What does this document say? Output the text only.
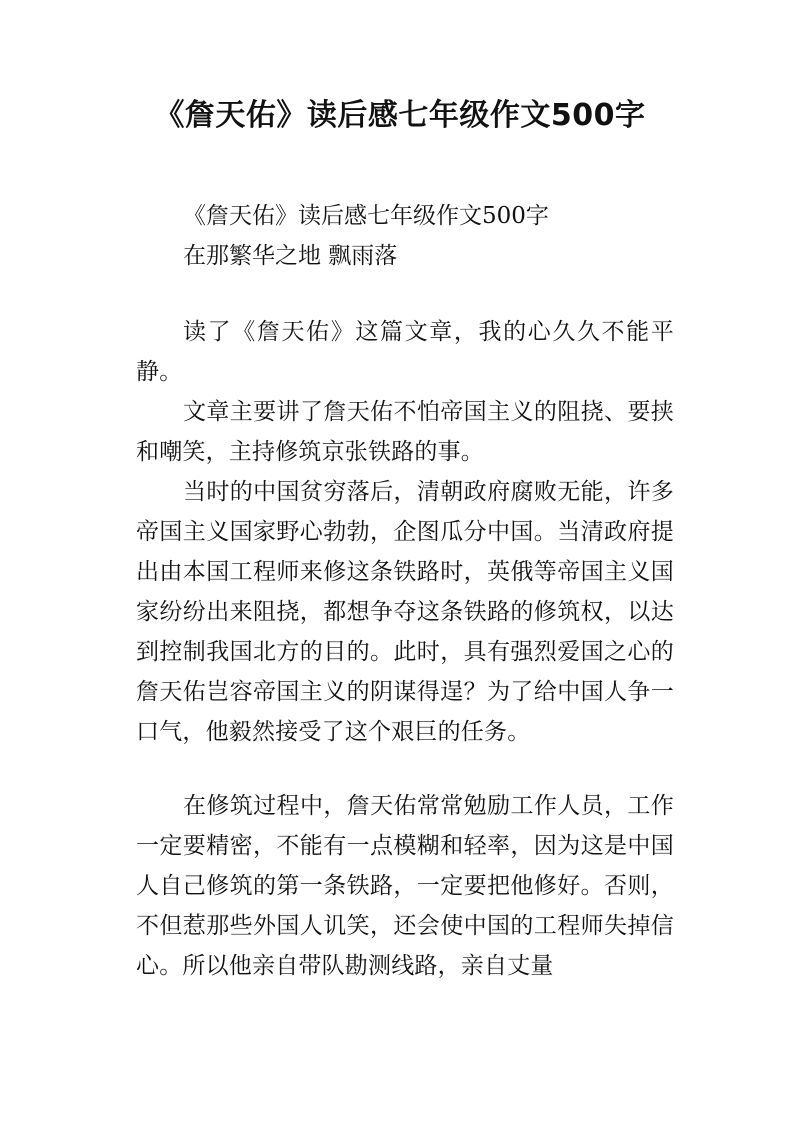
《詹天佑》读后感七年级作文500字

《詹天佑》读后感七年级作文500字

在那繁华之地 飘雨落

读了《詹天佑》这篇文章，我的心久久不能平静。

文章主要讲了詹天佑不怕帝国主义的阻挠、要挟和嘲笑，主持修筑京张铁路的事。

当时的中国贫穷落后，清朝政府腐败无能，许多帝国主义国家野心勃勃，企图瓜分中国。当清政府提出由本国工程师来修这条铁路时，英俄等帝国主义国家纷纷出来阻挠，都想争夺这条铁路的修筑权，以达到控制我国北方的目的。此时，具有强烈爱国之心的詹天佑岂容帝国主义的阴谋得逞？为了给中国人争一口气，他毅然接受了这个艰巨的任务。

在修筑过程中，詹天佑常常勉励工作人员，工作一定要精密，不能有一点模糊和轻率，因为这是中国人自己修筑的第一条铁路，一定要把他修好。否则，不但惹那些外国人讥笑，还会使中国的工程师失掉信心。所以他亲自带队勘测线路，亲自丈量
